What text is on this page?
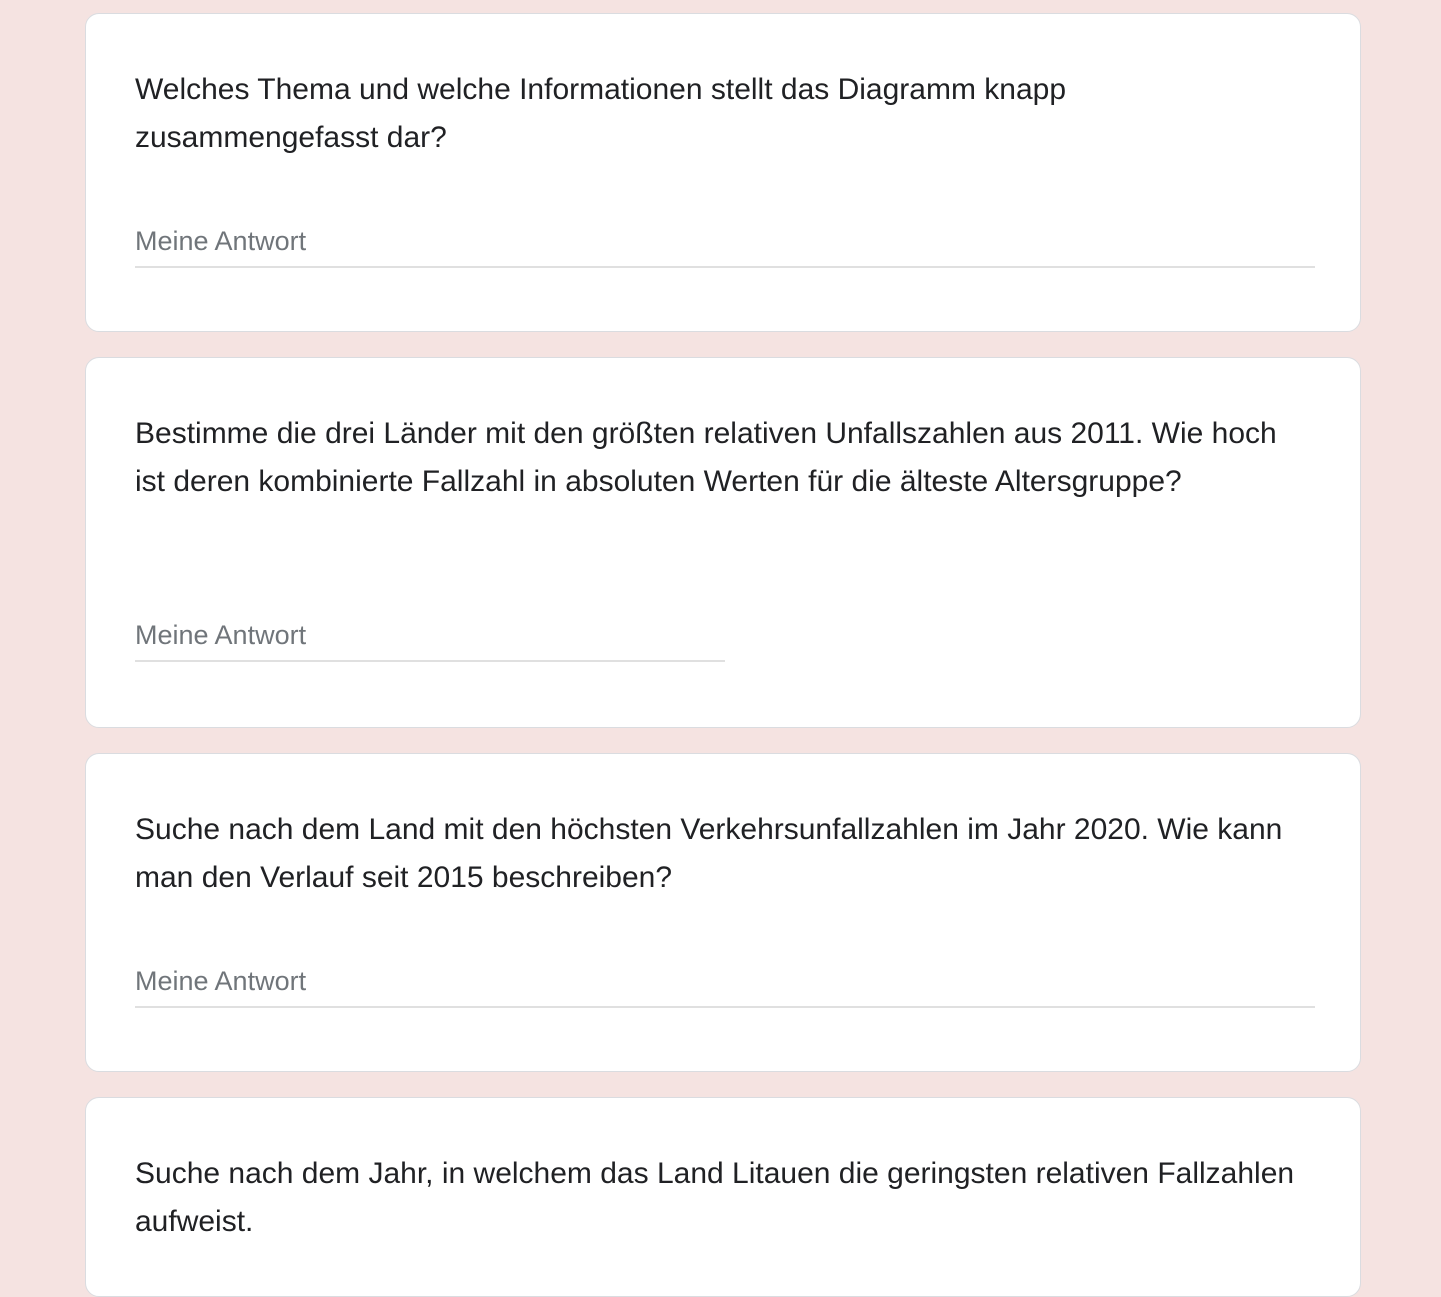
Welches Thema und welche Informationen stellt das Diagramm knapp zusammengefasst dar?

Meine Antwort

Bestimme die drei Länder mit den größten relativen Unfallszahlen aus 2011. Wie hoch ist deren kombinierte Fallzahl in absoluten Werten für die älteste Altersgruppe?

Meine Antwort

Suche nach dem Land mit den höchsten Verkehrsunfallzahlen im Jahr 2020. Wie kann man den Verlauf seit 2015 beschreiben?

Meine Antwort

Suche nach dem Jahr, in welchem das Land Litauen die geringsten relativen Fallzahlen aufweist.
